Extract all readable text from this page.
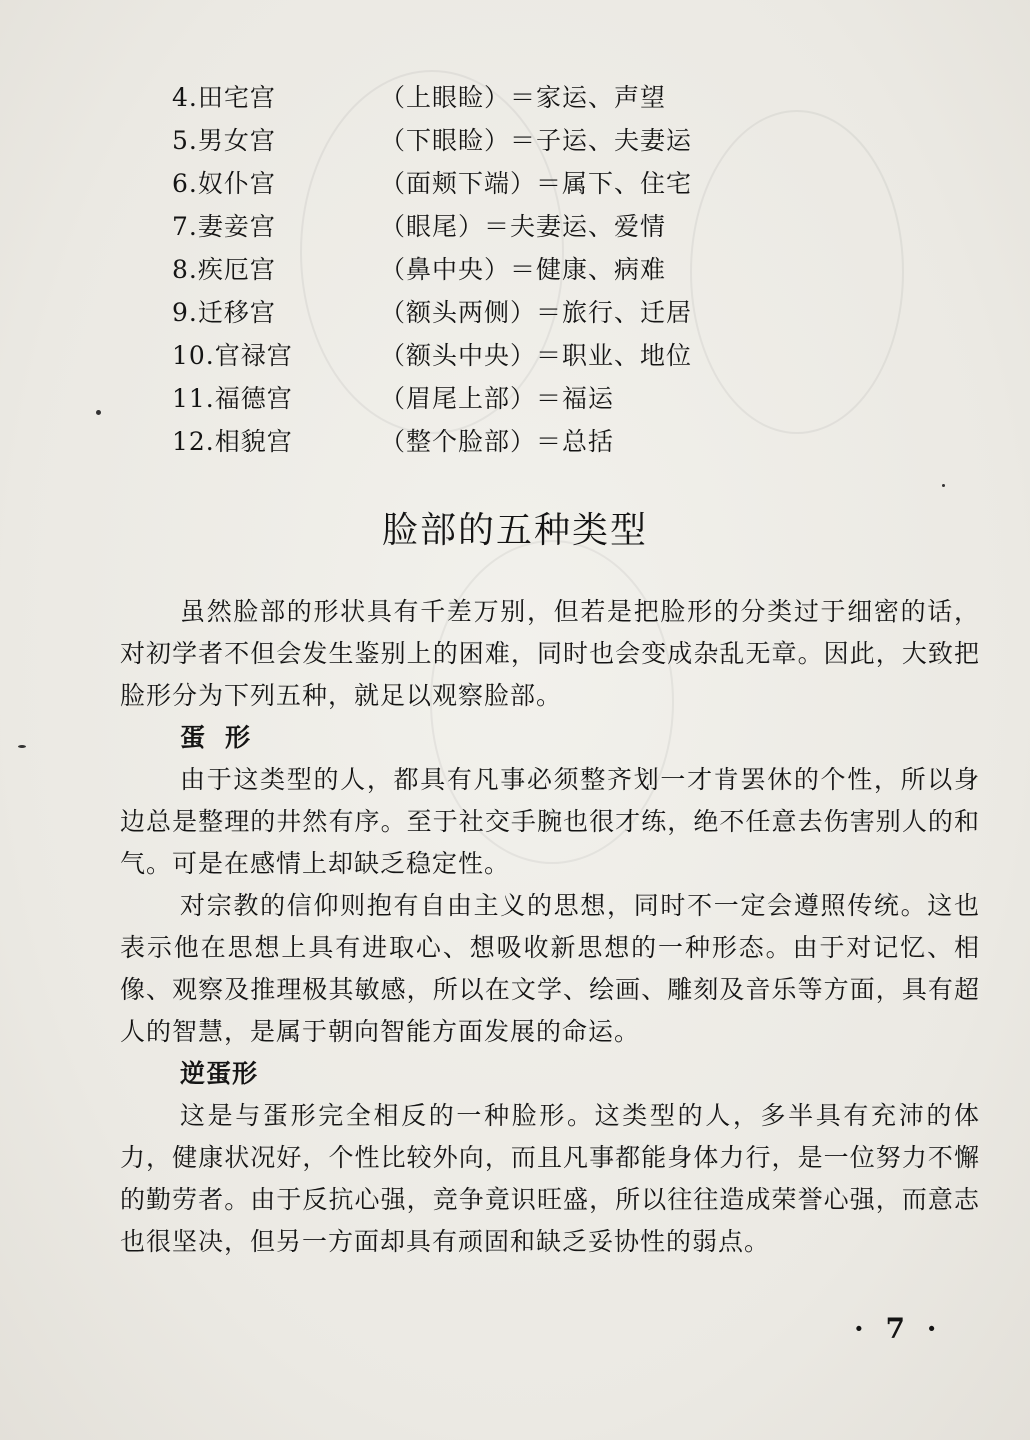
4.田宅宫	（上眼睑）＝家运、声望
5.男女宫	（下眼睑）＝子运、夫妻运
6.奴仆宫	（面颊下端）＝属下、住宅
7.妻妾宫	（眼尾）＝夫妻运、爱情
8.疾厄宫	（鼻中央）＝健康、病难
9.迁移宫	（额头两侧）＝旅行、迁居
10.官禄宫	（额头中央）＝职业、地位
11.福德宫	（眉尾上部）＝福运
12.相貌宫	（整个脸部）＝总括
脸部的五种类型

虽然脸部的形状具有千差万别，但若是把脸形的分类过于细密的话，对初学者不但会发生鉴别上的困难，同时也会变成杂乱无章。因此，大致把脸形分为下列五种，就足以观察脸部。

蛋形

由于这类型的人，都具有凡事必须整齐划一才肯罢休的个性，所以身边总是整理的井然有序。至于社交手腕也很才练，绝不任意去伤害别人的和气。可是在感情上却缺乏稳定性。

对宗教的信仰则抱有自由主义的思想，同时不一定会遵照传统。这也表示他在思想上具有进取心、想吸收新思想的一种形态。由于对记忆、相像、观察及推理极其敏感，所以在文学、绘画、雕刻及音乐等方面，具有超人的智慧，是属于朝向智能方面发展的命运。

逆蛋形

这是与蛋形完全相反的一种脸形。这类型的人，多半具有充沛的体力，健康状况好，个性比较外向，而且凡事都能身体力行，是一位努力不懈的勤劳者。由于反抗心强，竞争竟识旺盛，所以往往造成荣誉心强，而意志也很坚决，但另一方面却具有顽固和缺乏妥协性的弱点。

· 7 ·
